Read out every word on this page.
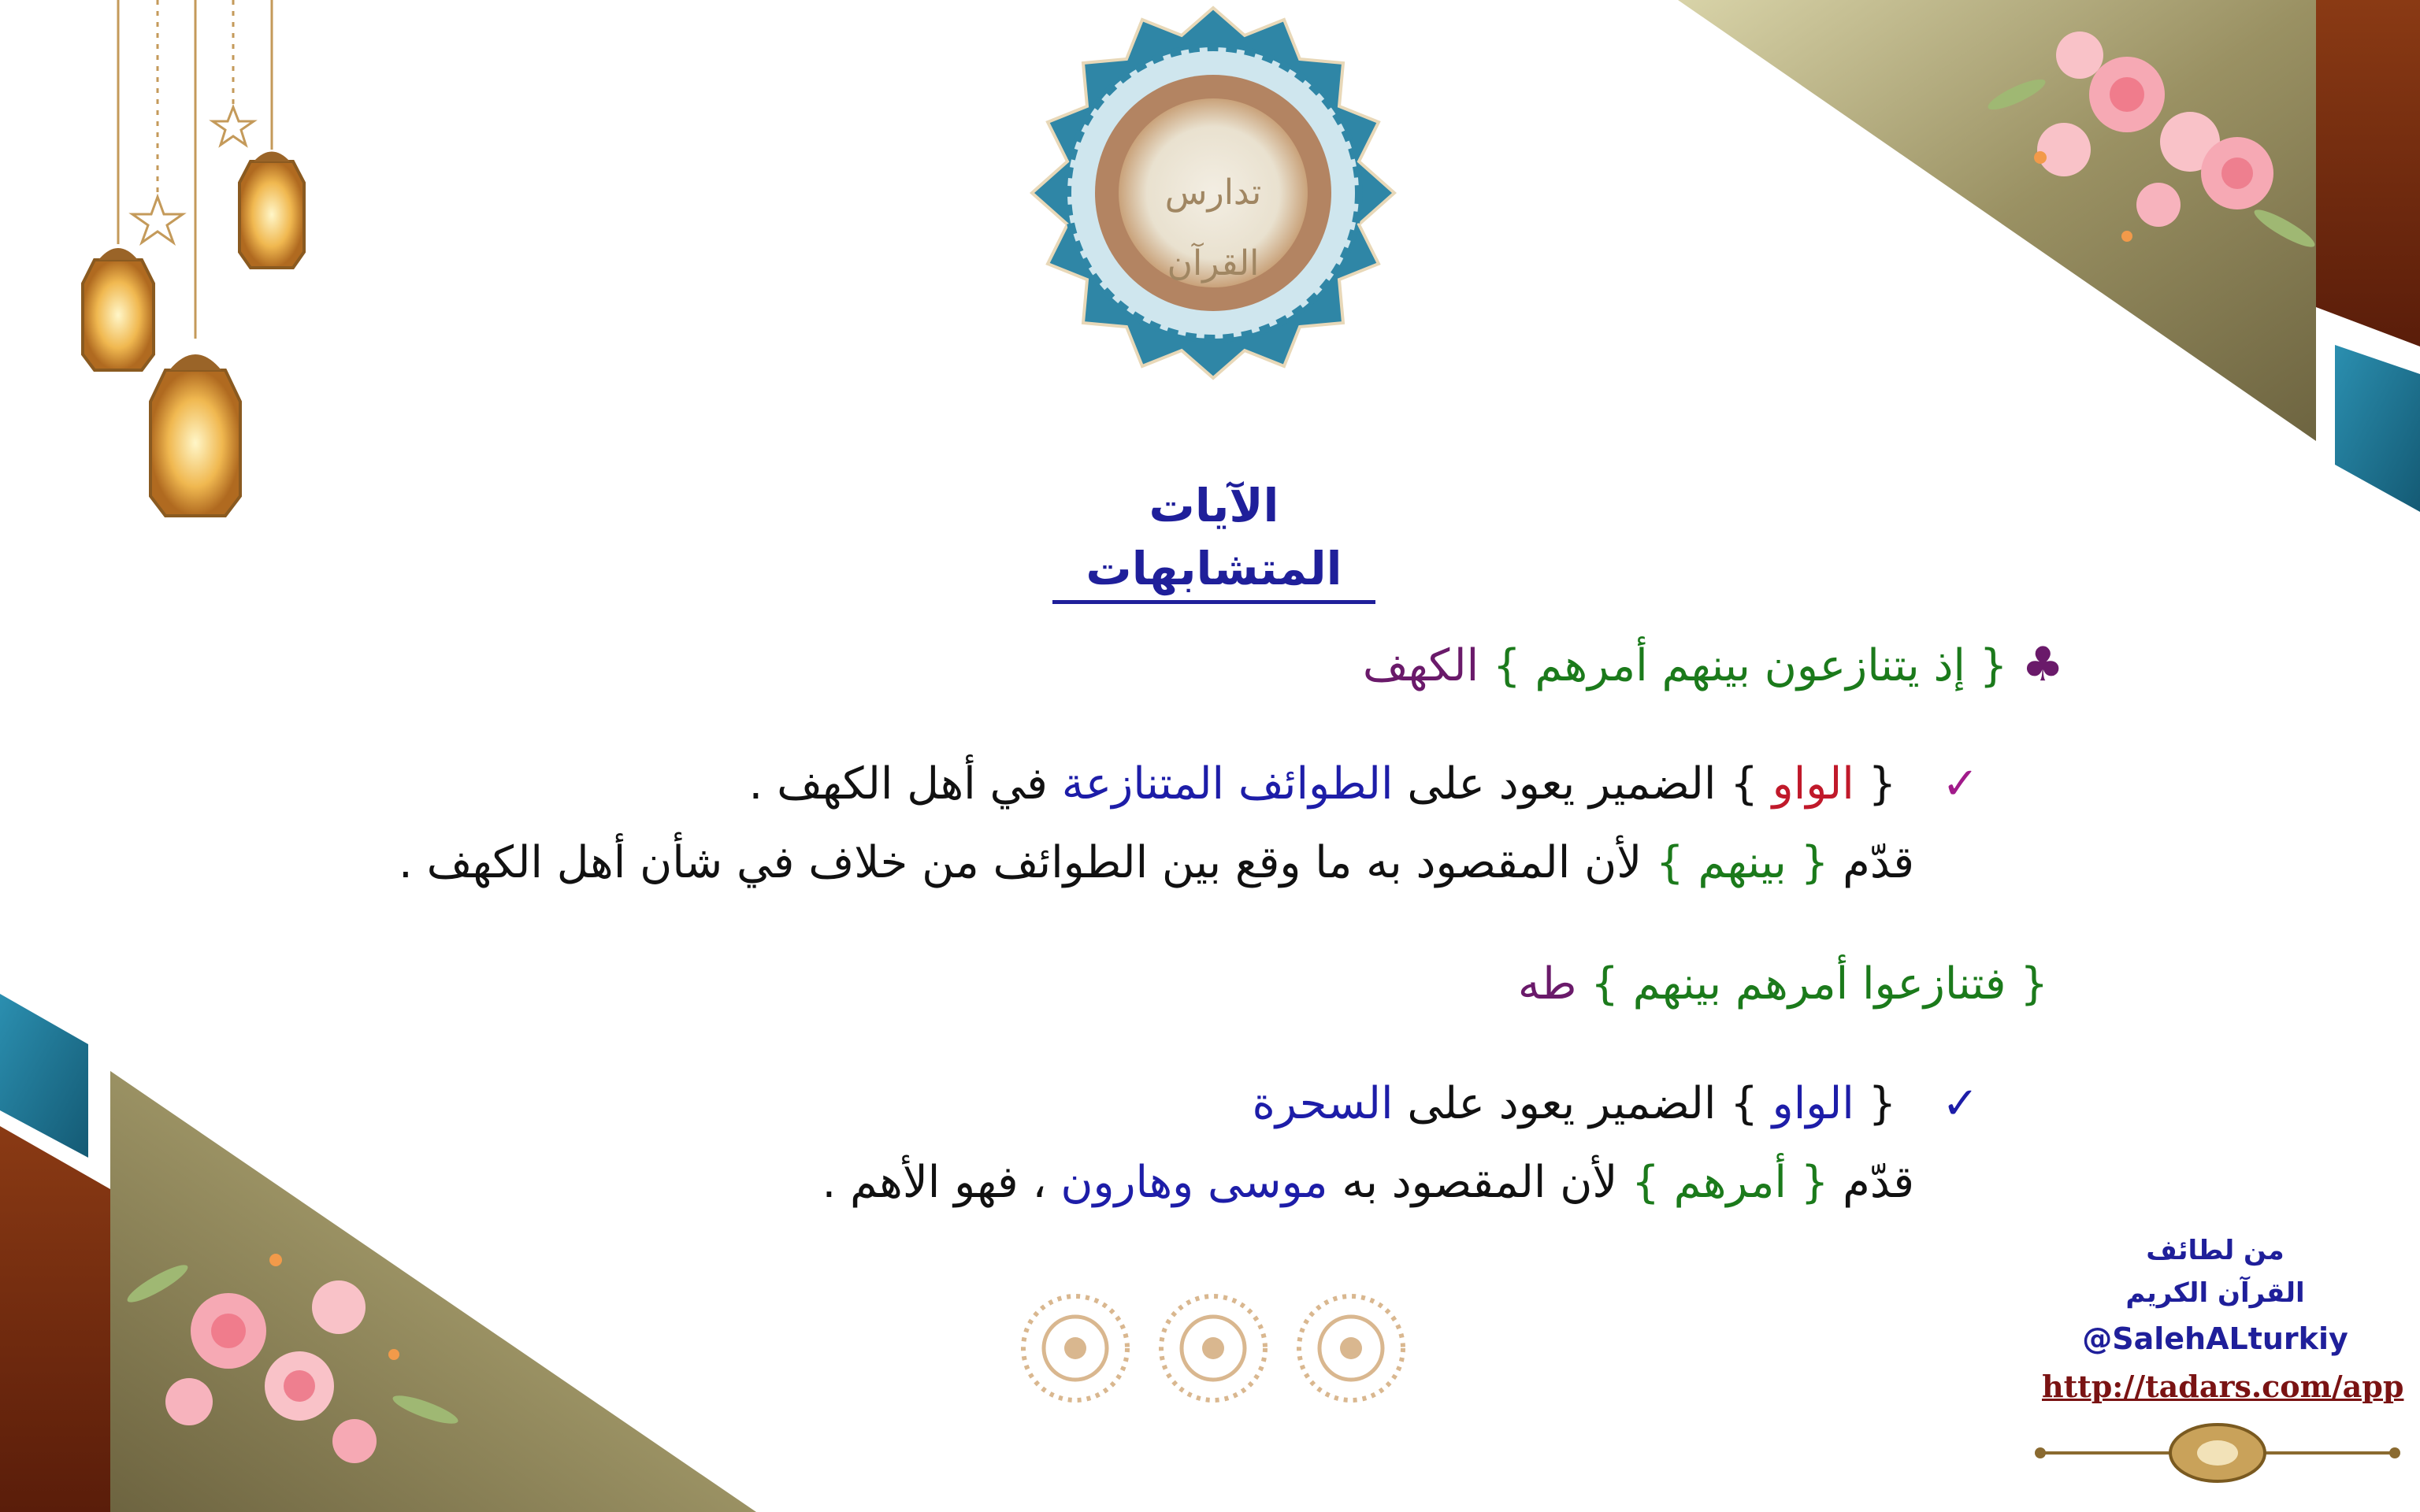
تدارس القرآن
الآيات المتشابهات
♣ { إذ يتنازعون بينهم أمرهم } الكهف
✓ { الواو } الضمير يعود على الطوائف المتنازعة في أهل الكهف .
قدّم { بينهم } لأن المقصود به ما وقع بين الطوائف من خلاف في شأن أهل الكهف .
{ فتنازعوا أمرهم بينهم } طه
✓ { الواو } الضمير يعود على السحرة
قدّم { أمرهم } لأن المقصود به موسى وهارون ، فهو الأهم .
من لطائف
القرآن الكريم
@SalehALturkiy
http://tadars.com/app
